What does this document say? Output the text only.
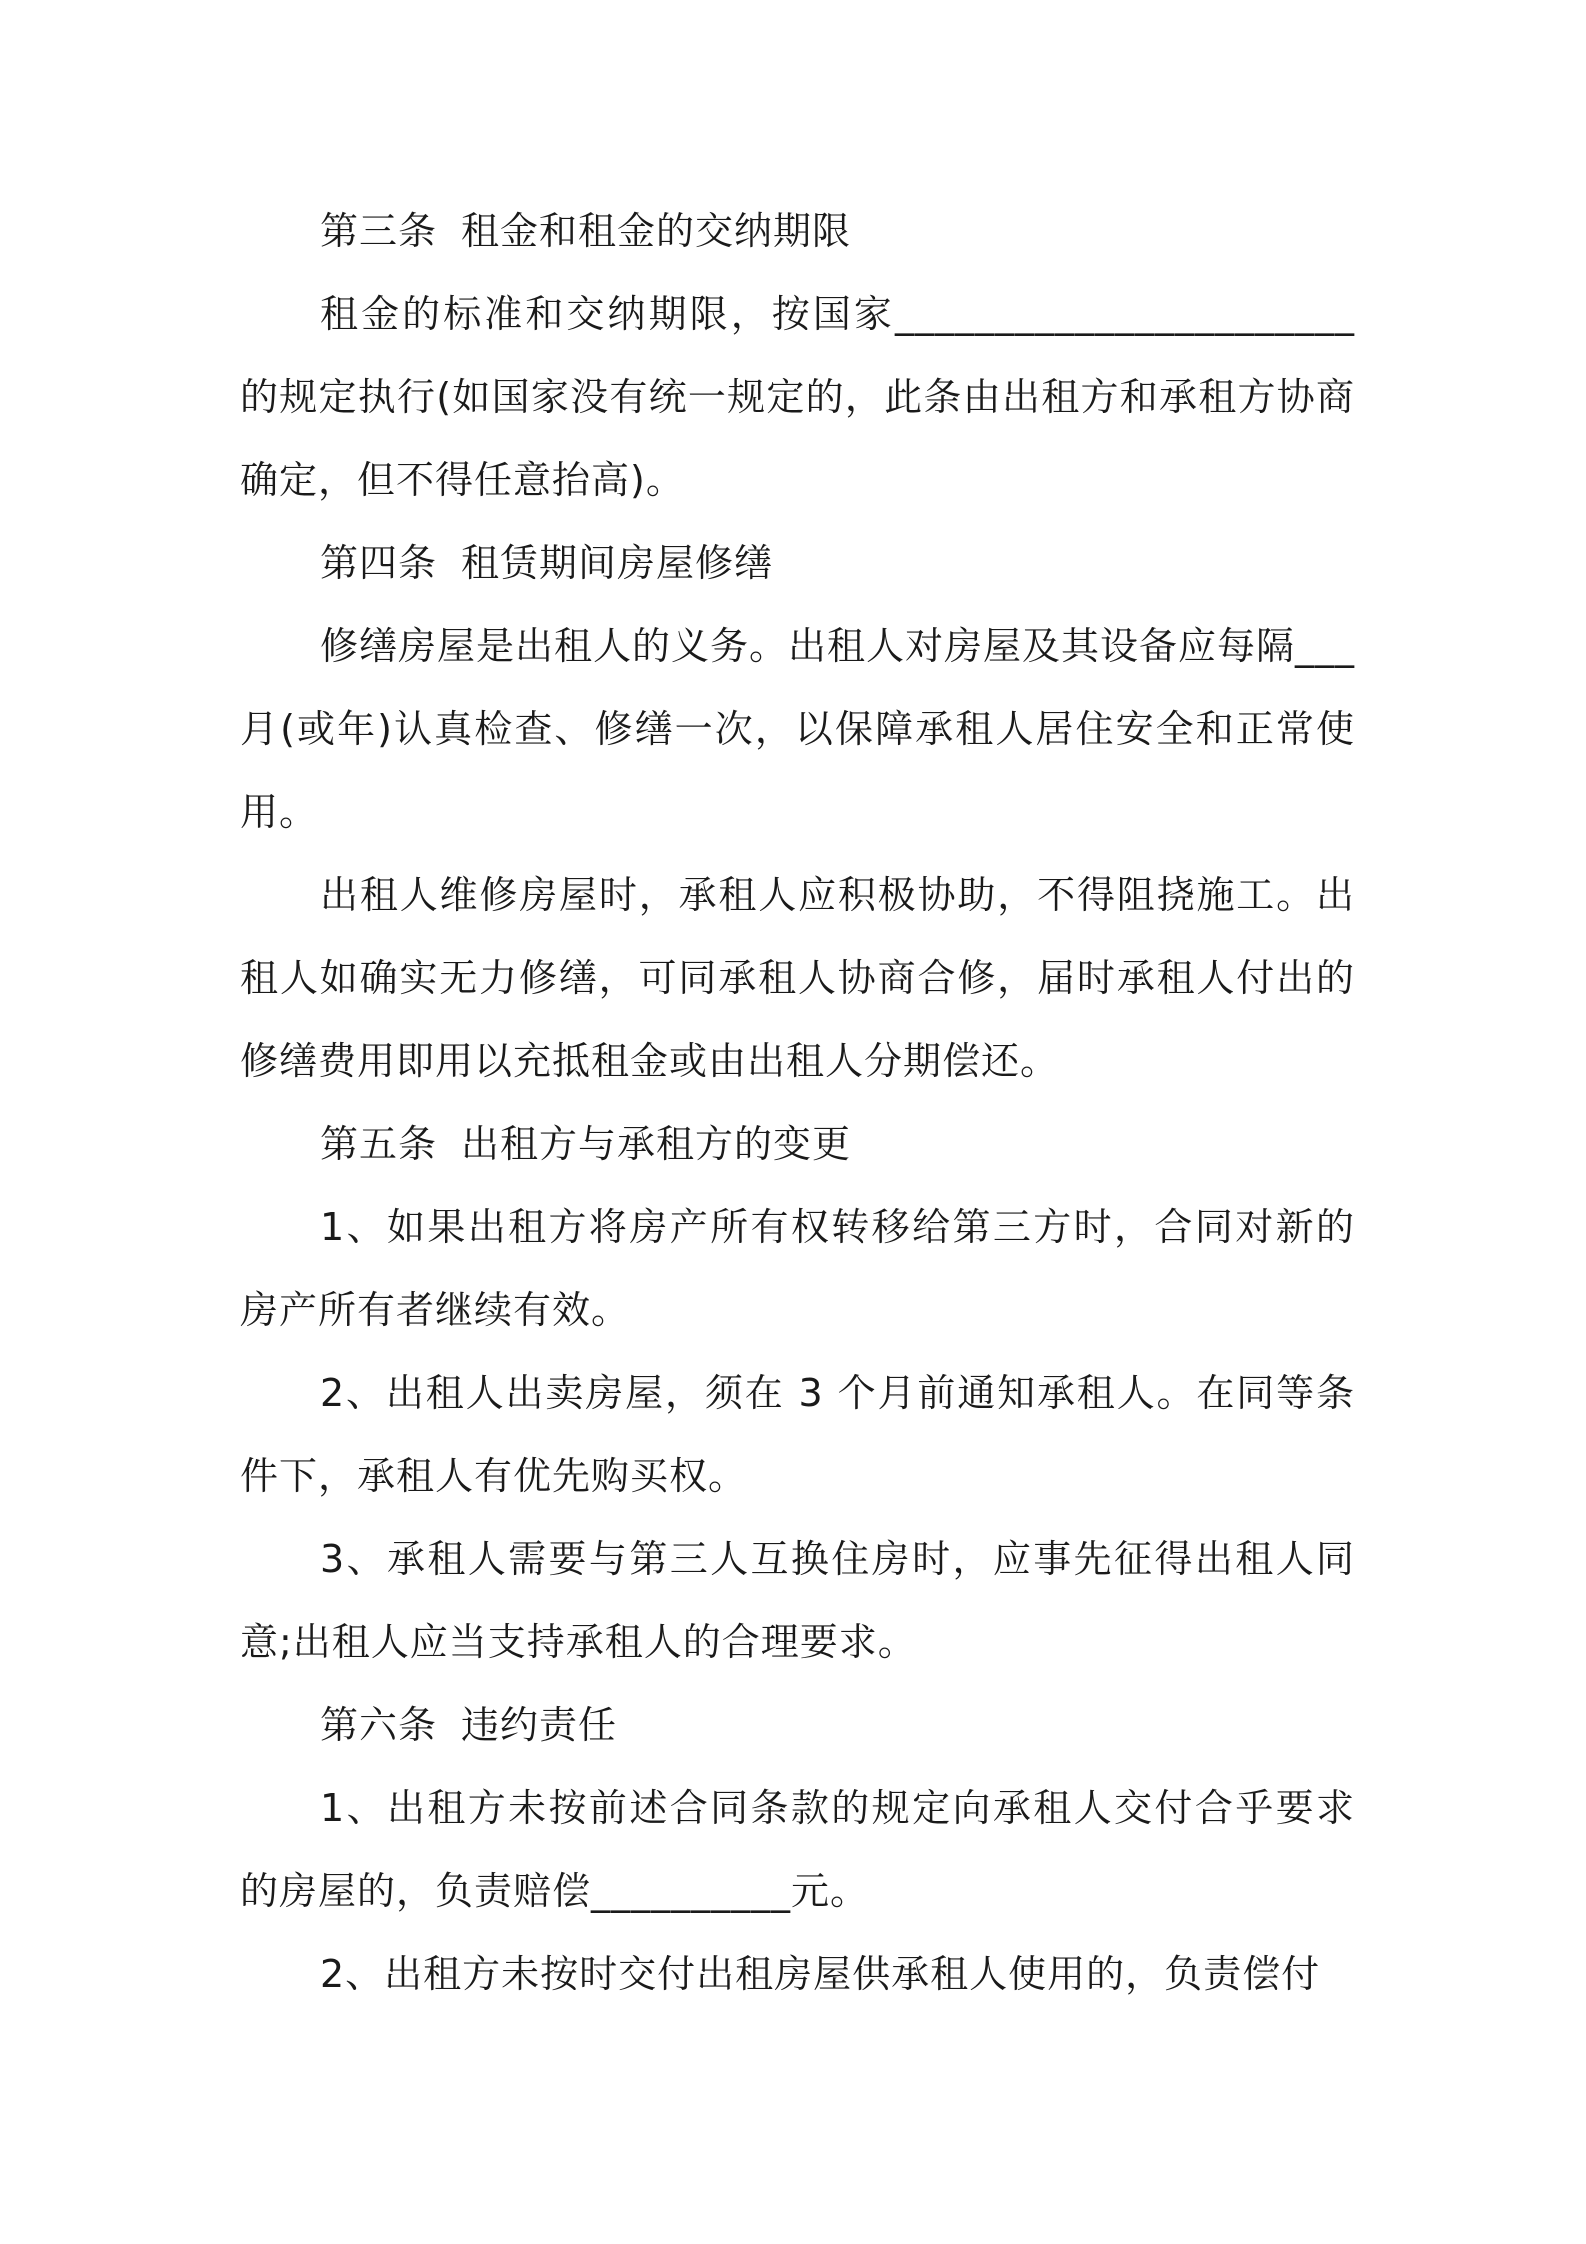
第三条 租金和租金的交纳期限

租金的标准和交纳期限，按国家_______________________的规定执行(如国家没有统一规定的，此条由出租方和承租方协商确定，但不得任意抬高)。

第四条 租赁期间房屋修缮

修缮房屋是出租人的义务。出租人对房屋及其设备应每隔___月(或年)认真检查、修缮一次，以保障承租人居住安全和正常使用。

出租人维修房屋时，承租人应积极协助，不得阻挠施工。出租人如确实无力修缮，可同承租人协商合修，届时承租人付出的修缮费用即用以充抵租金或由出租人分期偿还。

第五条 出租方与承租方的变更

1、如果出租方将房产所有权转移给第三方时，合同对新的房产所有者继续有效。

2、出租人出卖房屋，须在 3 个月前通知承租人。在同等条件下，承租人有优先购买权。

3、承租人需要与第三人互换住房时，应事先征得出租人同意;出租人应当支持承租人的合理要求。

第六条 违约责任

1、出租方未按前述合同条款的规定向承租人交付合乎要求的房屋的，负责赔偿__________元。

2、出租方未按时交付出租房屋供承租人使用的，负责偿付
